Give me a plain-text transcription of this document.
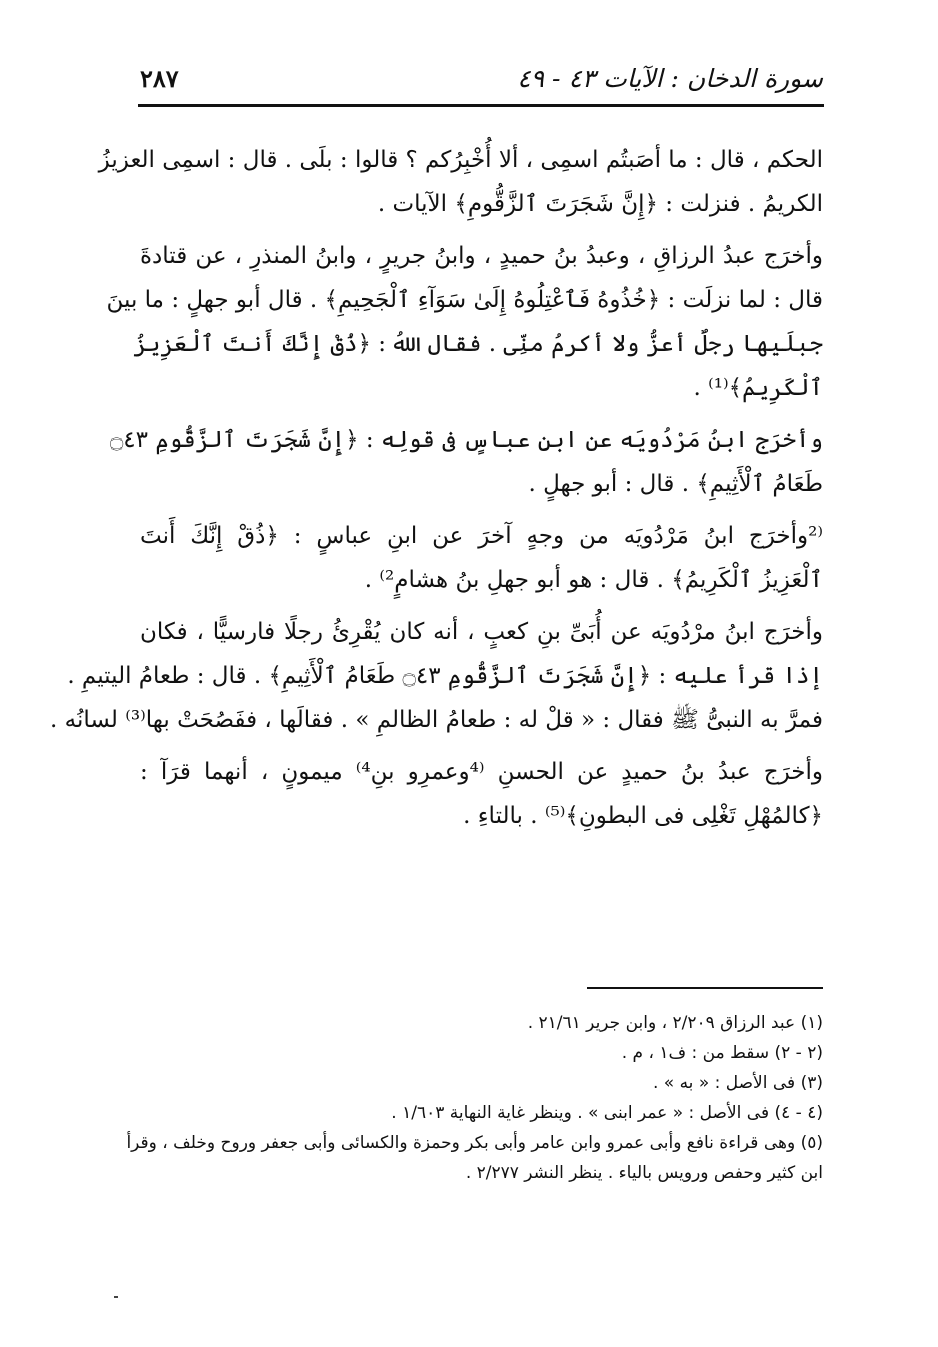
سورة الدخان : الآيات ٤٣ - ٤٩
٢٨٧
الحكم ، قال : ما أصَبتُم اسمِى ، ألا أُخْبِرُكم ؟ قالوا : بلَى . قال : اسمِى العزيزُ
الكريمُ . فنزلت : ﴿إِنَّ شَجَرَتَ ٱلزَّقُّومِ﴾ الآيات .
وأخرَج عبدُ الرزاقِ ، وعبدُ بنُ حميدٍ ، وابنُ جريرٍ ، وابنُ المنذرِ ، عن قتادةَ
قال : لما نزلَت : ﴿خُذُوهُ فَٱعْتِلُوهُ إِلَىٰ سَوَآءِ ٱلْجَحِيمِ﴾ . قال أبو جهلٍ : ما بينَ
جبلَيها رجلٌ أعزُّ ولا أكرمُ منِّى . فقال اللهُ : ﴿ذُقْ إِنَّكَ أَنتَ ٱلْعَزِيزُ
ٱلْكَرِيمُ﴾⁽¹⁾ .
وأخرَج ابنُ مَرْدُويَه عن ابنِ عباسٍ فى قولِه : ﴿إِنَّ شَجَرَتَ ٱلزَّقُّومِ ۝٤٣
طَعَامُ ٱلْأَثِيمِ﴾ . قال : أبو جهلٍ .
⁽²وأخرَج ابنُ مَرْدُويَه من وجهٍ آخرَ عن ابنِ عباسٍ : ﴿ذُقْ إِنَّكَ أَنتَ
ٱلْعَزِيزُ ٱلْكَرِيمُ﴾ . قال : هو أبو جهلِ بنُ هشامٍ²⁾ .
وأخرَج ابنُ مرْدُويَه عن أُبَىِّ بنِ كعبٍ ، أنه كان يُقْرِئُ رجلًا فارسيًّا ، فكان
إذا قرأ عليه : ﴿إِنَّ شَجَرَتَ ٱلزَّقُّومِ ۝٤٣ طَعَامُ ٱلْأَثِيمِ﴾ . قال : طعامُ اليتيمِ .
فمرَّ به النبىُّ ﷺ فقال : « قلْ له : طعامُ الظالمِ » . فقالَها ، ففَصُحَتْ بها⁽³⁾ لسانُه .
وأخرَج عبدُ بنُ حميدٍ عن الحسنِ ⁽⁴وعمرِو بنِ⁴⁾ ميمونٍ ، أنهما قرَآ :
﴿كالمُهْلِ تَغْلِى فى البطونِ﴾⁽⁵⁾ . بالتاءِ .
(١) عبد الرزاق ٢/٢٠٩ ، وابن جرير ٢١/٦١ .
(٢ - ٢) سقط من : ف١ ، م .
(٣) فى الأصل : « به » .
(٤ - ٤) فى الأصل : « عمر ابنى » . وينظر غاية النهاية ١/٦٠٣ .
(٥) وهى قراءة نافع وأبى عمرو وابن عامر وأبى بكر وحمزة والكسائى وأبى جعفر وروح وخلف ، وقرأ
ابن كثير وحفص ورويس بالياء . ينظر النشر ٢/٢٧٧ .
